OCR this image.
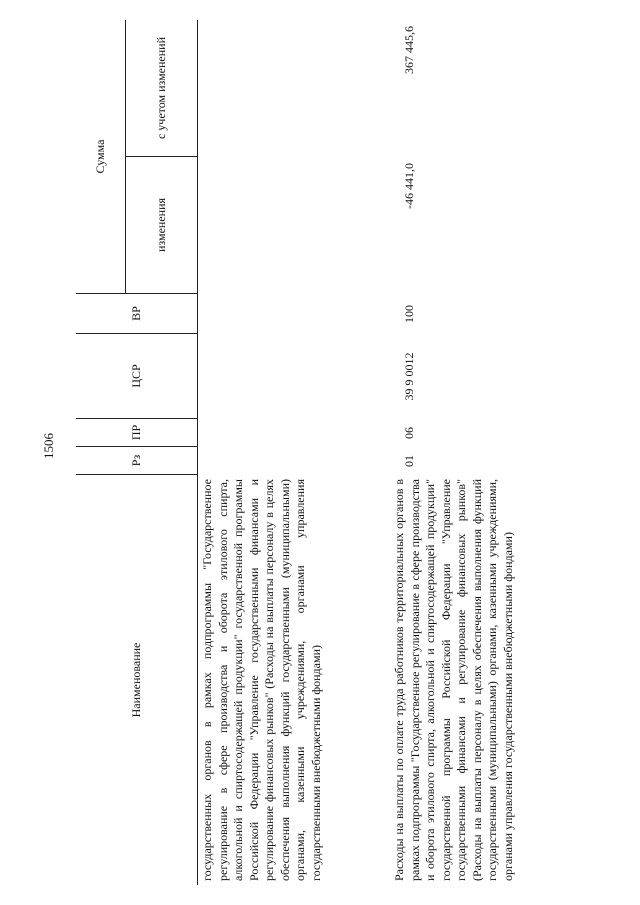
1506
Наименование
Рз
ПР
ЦСР
ВР
Сумма
изменения
с учетом изменений
государственных органов в рамках подпрограммы "Государственное регулирование в сфере производства и оборота этилового спирта, алкогольной и спиртосодержащей продукции" государственной программы Российской Федерации "Управление государственными финансами и регулирование финансовых рынков" (Расходы на выплаты персоналу в целях обеспечения выполнения функций государственными (муниципальными) органами, казенными учреждениями, органами управления государственными внебюджетными фондами)	Расходы на выплаты по оплате труда работников территориальных органов в рамках подпрограммы "Государственное регулирование в сфере производства и оборота этилового спирта, алкогольной и спиртосодержащей продукции" государственной программы Российской Федерации "Управление государственными финансами и регулирование финансовых рынков" (Расходы на выплаты персоналу в целях обеспечения выполнения функций государственными (муниципальными) органами, казенными учреждениями, органами управления государственными внебюджетными фондами)
01
06
39 9 0012
100
-46 441,0
367 445,6
